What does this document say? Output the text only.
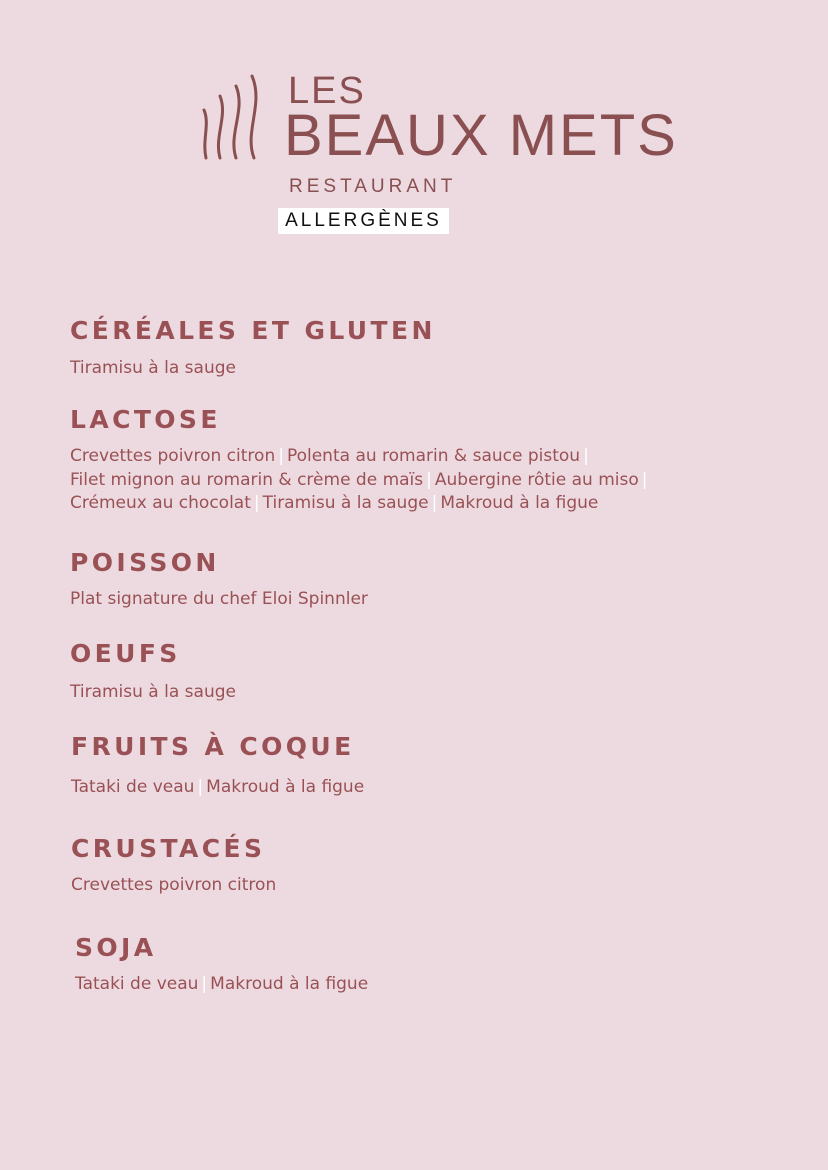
LES
BEAUX METS
RESTAURANT
ALLERGÈNES
CÉRÉALES ET GLUTEN
Tiramisu à la sauge
LACTOSE
Crevettes poivron citron | Polenta au romarin & sauce pistou |
Filet mignon au romarin & crème de maïs | Aubergine rôtie au miso |
Crémeux au chocolat | Tiramisu à la sauge | Makroud à la figue
POISSON
Plat signature du chef Eloi Spinnler
OEUFS
Tiramisu à la sauge
FRUITS À COQUE
Tataki de veau | Makroud à la figue
CRUSTACÉS
Crevettes poivron citron
SOJA
Tataki de veau | Makroud à la figue
